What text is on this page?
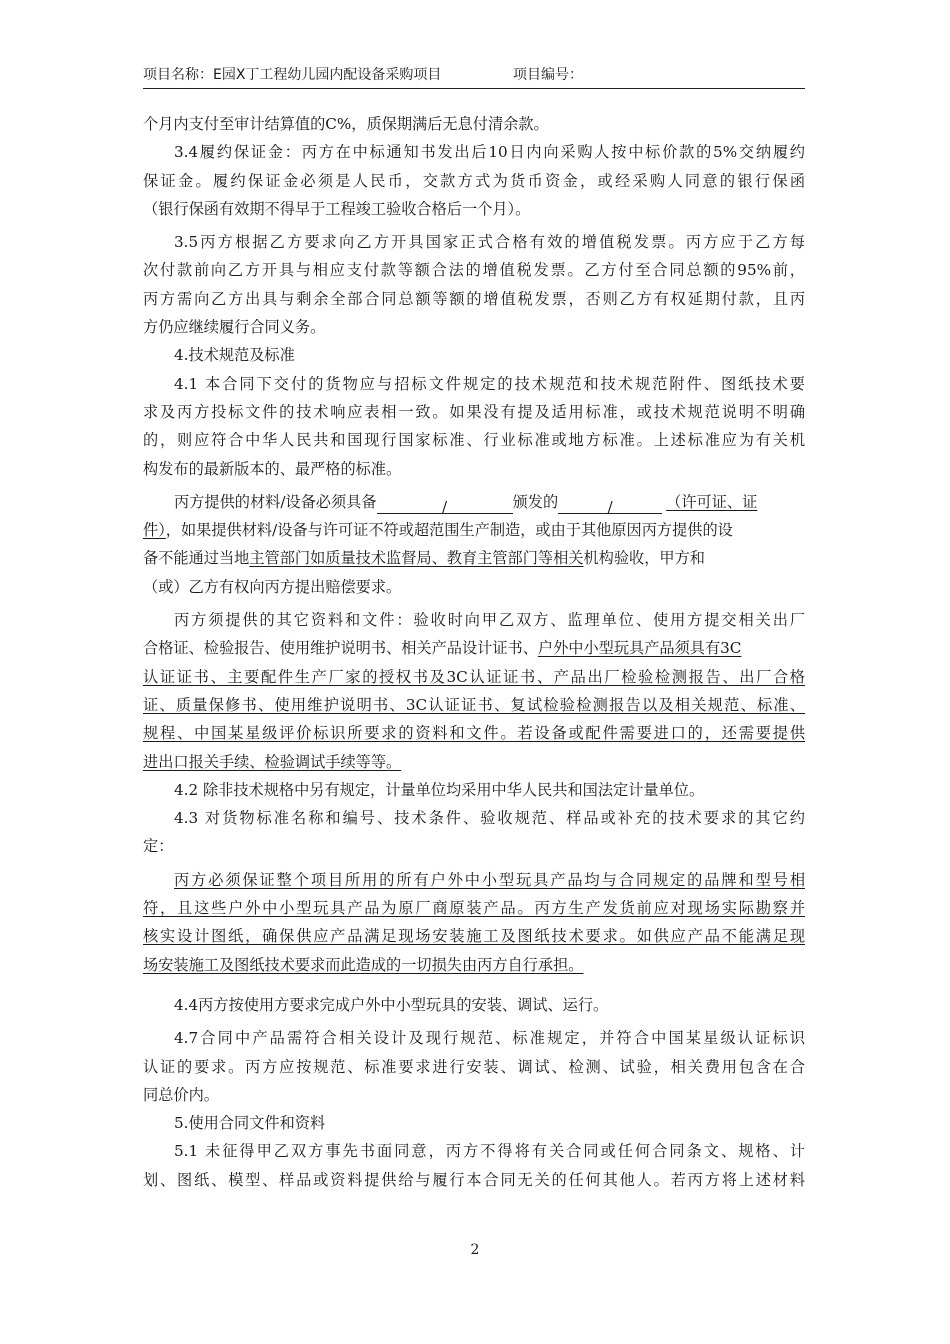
项目名称：E园X丁工程幼儿园内配设备采购项目	项目编号：
个月内支付至审计结算值的C%，质保期满后无息付清余款。
3.4履约保证金：丙方在中标通知书发出后10日内向采购人按中标价款的5%交纳履约
保证金。履约保证金必须是人民币，交款方式为货币资金，或经采购人同意的银行保函
（银行保函有效期不得早于工程竣工验收合格后一个月）。
3.5丙方根据乙方要求向乙方开具国家正式合格有效的增值税发票。丙方应于乙方每
次付款前向乙方开具与相应支付款等额合法的增值税发票。乙方付至合同总额的95%前，
丙方需向乙方出具与剩余全部合同总额等额的增值税发票，否则乙方有权延期付款，且丙
方仍应继续履行合同义务。
4.技术规范及标准
4.1 本合同下交付的货物应与招标文件规定的技术规范和技术规范附件、图纸技术要
求及丙方投标文件的技术响应表相一致。如果没有提及适用标准，或技术规范说明不明确
的，则应符合中华人民共和国现行国家标准、行业标准或地方标准。上述标准应为有关机
构发布的最新版本的、最严格的标准。
丙方提供的材料/设备必须具备	/	颁发的	/	（许可证、证
件），如果提供材料/设备与许可证不符或超范围生产制造，或由于其他原因丙方提供的设
备不能通过当地主管部门如质量技术监督局、教育主管部门等相关机构验收，甲方和
（或）乙方有权向丙方提出赔偿要求。
丙方须提供的其它资料和文件：验收时向甲乙双方、监理单位、使用方提交相关出厂
合格证、检验报告、使用维护说明书、相关产品设计证书、户外中小型玩具产品须具有3C
认证证书、主要配件生产厂家的授权书及3C认证证书、产品出厂检验检测报告、出厂合格
证、质量保修书、使用维护说明书、3C认证证书、复试检验检测报告以及相关规范、标准、
规程、中国某星级评价标识所要求的资料和文件。若设备或配件需要进口的，还需要提供
进出口报关手续、检验调试手续等等。
4.2 除非技术规格中另有规定，计量单位均采用中华人民共和国法定计量单位。
4.3 对货物标准名称和编号、技术条件、验收规范、样品或补充的技术要求的其它约
定：
丙方必须保证整个项目所用的所有户外中小型玩具产品均与合同规定的品牌和型号相
符，且这些户外中小型玩具产品为原厂商原装产品。丙方生产发货前应对现场实际勘察并
核实设计图纸，确保供应产品满足现场安装施工及图纸技术要求。如供应产品不能满足现
场安装施工及图纸技术要求而此造成的一切损失由丙方自行承担。
4.4丙方按使用方要求完成户外中小型玩具的安装、调试、运行。
4.7合同中产品需符合相关设计及现行规范、标准规定，并符合中国某星级认证标识
认证的要求。丙方应按规范、标准要求进行安装、调试、检测、试验，相关费用包含在合
同总价内。
5.使用合同文件和资料
5.1 未征得甲乙双方事先书面同意，丙方不得将有关合同或任何合同条文、规格、计
划、图纸、模型、样品或资料提供给与履行本合同无关的任何其他人。若丙方将上述材料
2
